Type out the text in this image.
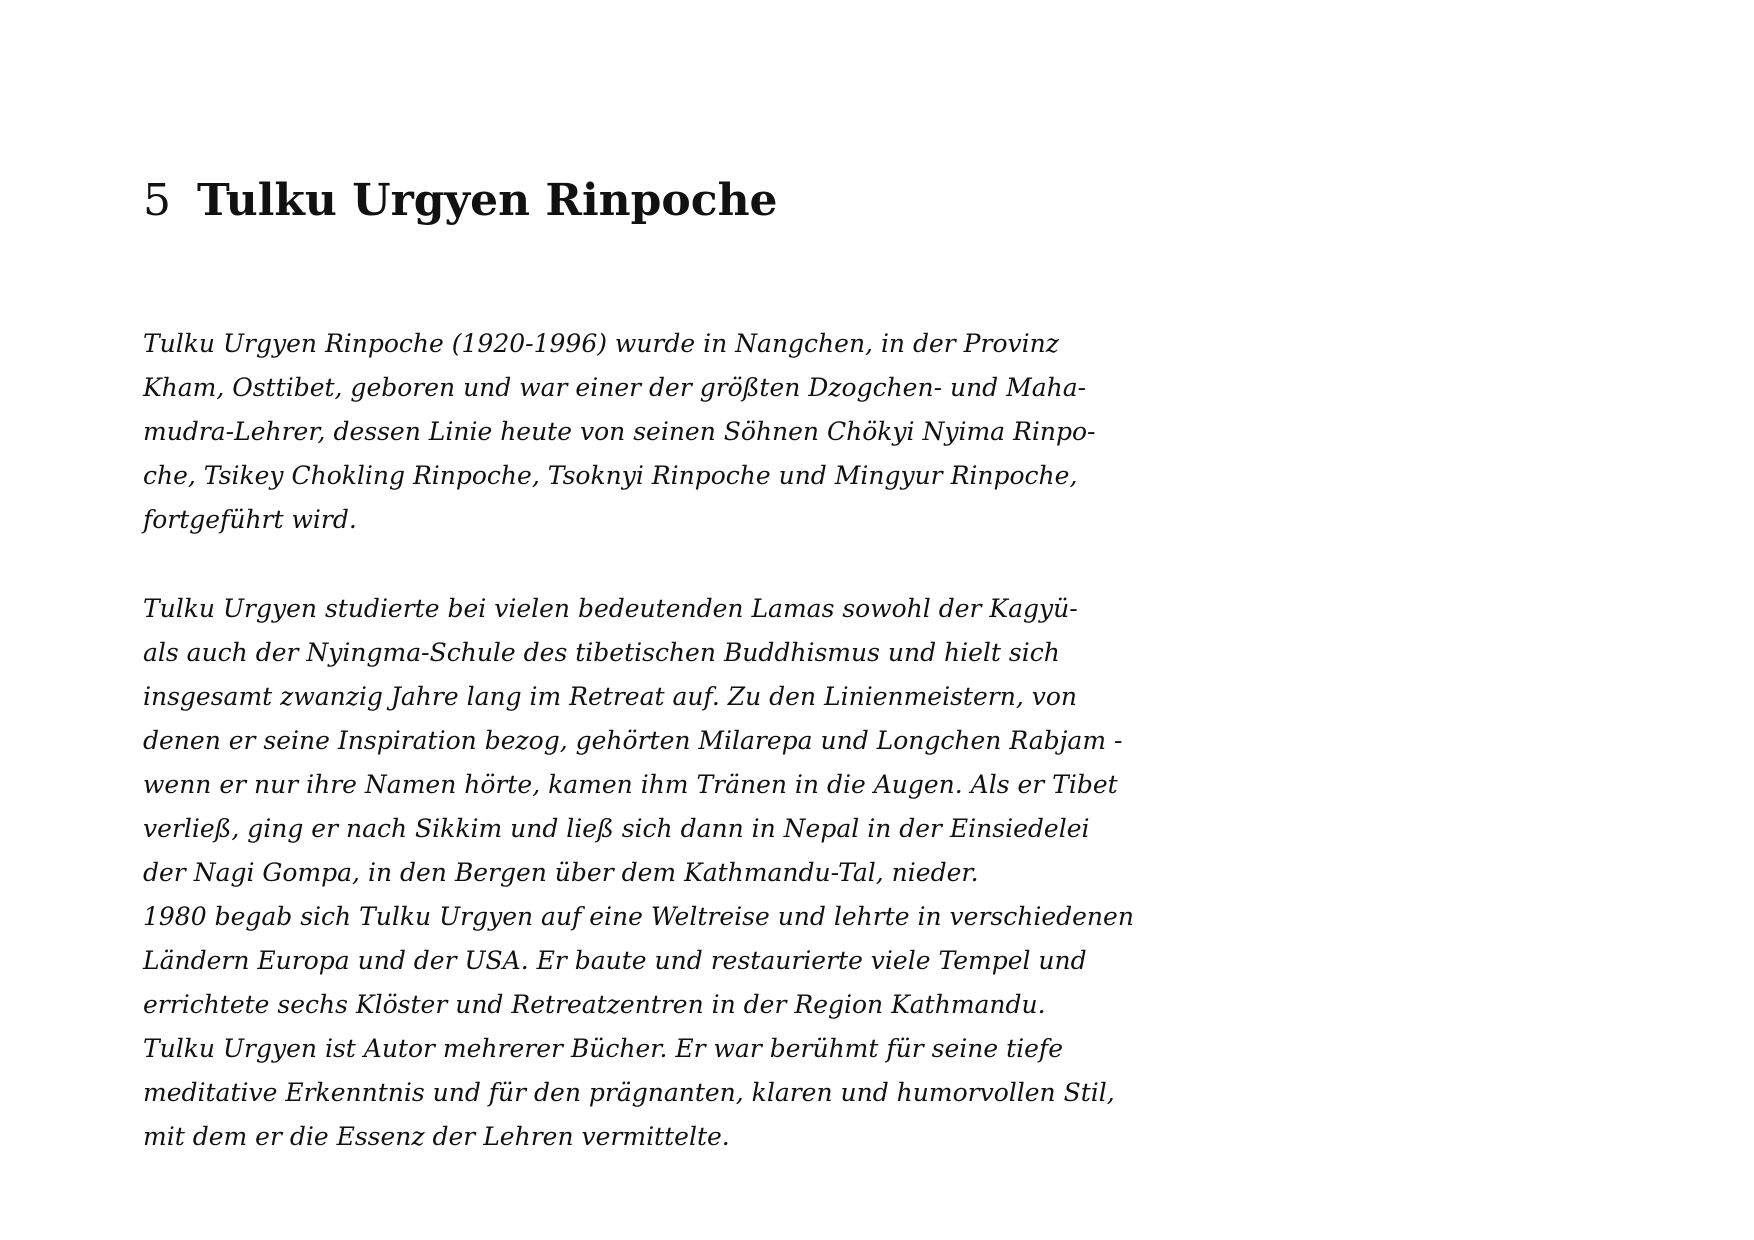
5 Tulku Urgyen Rinpoche

Tulku Urgyen Rinpoche (1920-1996) wurde in Nangchen, in der Provinz
Kham, Osttibet, geboren und war einer der größten Dzogchen- und Maha-
mudra-Lehrer, dessen Linie heute von seinen Söhnen Chökyi Nyima Rinpo-
che, Tsikey Chokling Rinpoche, Tsoknyi Rinpoche und Mingyur Rinpoche,
fortgeführt wird.

Tulku Urgyen studierte bei vielen bedeutenden Lamas sowohl der Kagyü-
als auch der Nyingma-Schule des tibetischen Buddhismus und hielt sich
insgesamt zwanzig Jahre lang im Retreat auf. Zu den Linienmeistern, von
denen er seine Inspiration bezog, gehörten Milarepa und Longchen Rabjam -
wenn er nur ihre Namen hörte, kamen ihm Tränen in die Augen. Als er Tibet
verließ, ging er nach Sikkim und ließ sich dann in Nepal in der Einsiedelei
der Nagi Gompa, in den Bergen über dem Kathmandu-Tal, nieder.
1980 begab sich Tulku Urgyen auf eine Weltreise und lehrte in verschiedenen
Ländern Europa und der USA. Er baute und restaurierte viele Tempel und
errichtete sechs Klöster und Retreatzentren in der Region Kathmandu.
Tulku Urgyen ist Autor mehrerer Bücher. Er war berühmt für seine tiefe
meditative Erkenntnis und für den prägnanten, klaren und humorvollen Stil,
mit dem er die Essenz der Lehren vermittelte.
